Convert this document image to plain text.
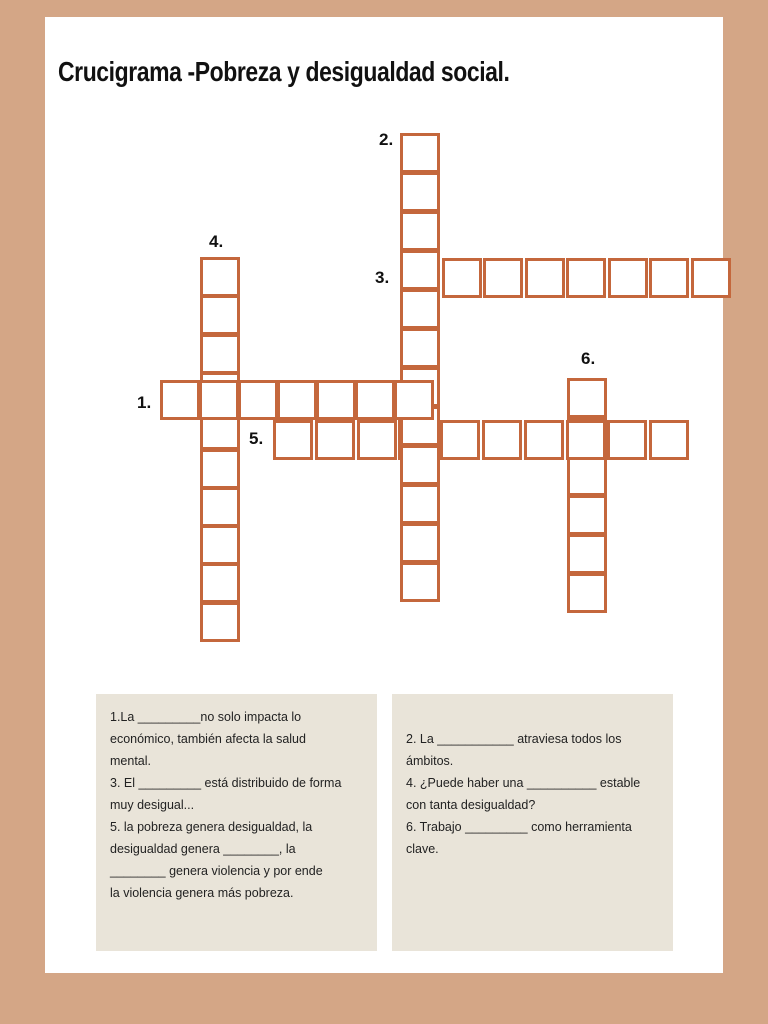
Crucigrama -Pobreza y desigualdad social.
2.
4.
3.
6.
1.
5.
1.La _________no solo impacta lo
económico, también afecta la salud
mental.
3. El _________ está distribuido de forma
muy desigual...
5. la pobreza genera desigualdad, la
desigualdad genera ________, la
________ genera violencia y por ende
la violencia genera más pobreza.
2. La ___________ atraviesa todos los
ámbitos.
4. ¿Puede haber una __________ estable
con tanta desigualdad?
6. Trabajo _________ como herramienta
clave.
